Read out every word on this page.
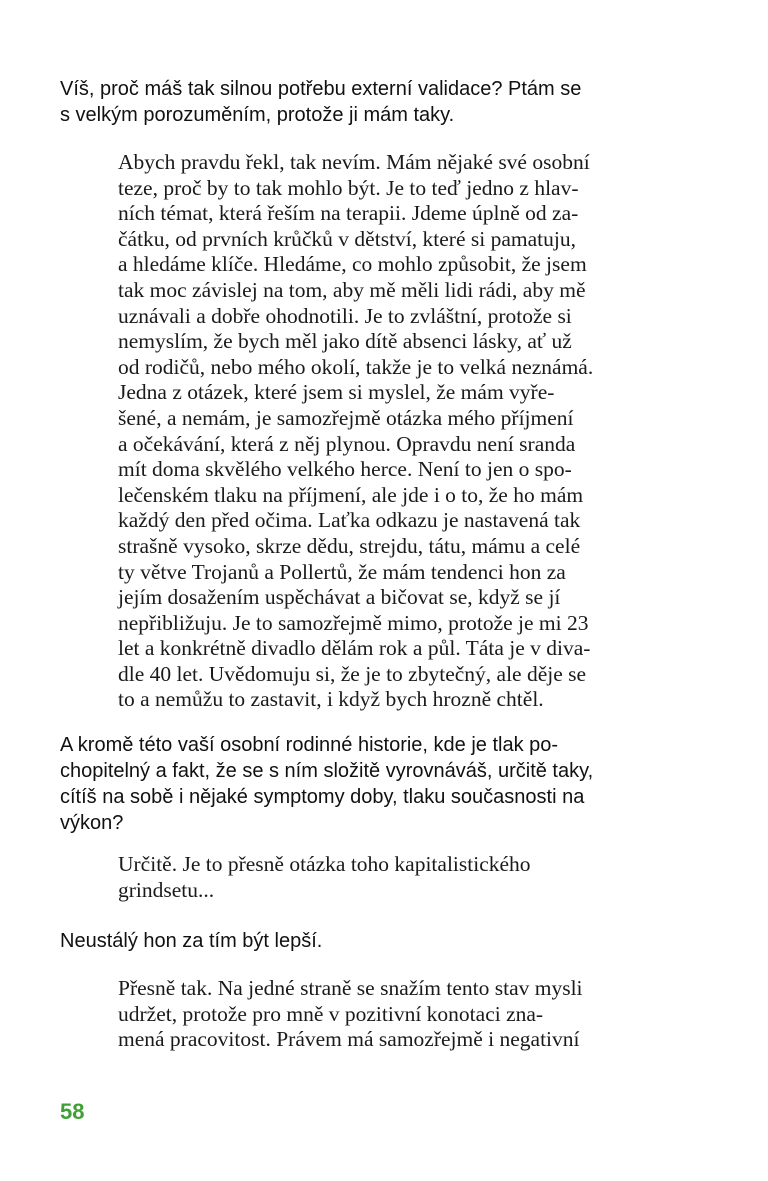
Víš, proč máš tak silnou potřebu externí validace? Ptám se
s velkým porozuměním, protože ji mám taky.

Abych pravdu řekl, tak nevím. Mám nějaké své osobní
teze, proč by to tak mohlo být. Je to teď jedno z hlav-
ních témat, která řeším na terapii. Jdeme úplně od za-
čátku, od prvních krůčků v dětství, které si pamatuju,
a hledáme klíče. Hledáme, co mohlo způsobit, že jsem
tak moc závislej na tom, aby mě měli lidi rádi, aby mě
uznávali a dobře ohodnotili. Je to zvláštní, protože si
nemyslím, že bych měl jako dítě absenci lásky, ať už
od rodičů, nebo mého okolí, takže je to velká neznámá.
Jedna z otázek, které jsem si myslel, že mám vyře-
šené, a nemám, je samozřejmě otázka mého příjmení
a očekávání, která z něj plynou. Opravdu není sranda
mít doma skvělého velkého herce. Není to jen o spo-
lečenském tlaku na příjmení, ale jde i o to, že ho mám
každý den před očima. Laťka odkazu je nastavená tak
strašně vysoko, skrze dědu, strejdu, tátu, mámu a celé
ty větve Trojanů a Pollertů, že mám tendenci hon za
jejím dosažením uspěchávat a bičovat se, když se jí
nepřibližuju. Je to samozřejmě mimo, protože je mi 23
let a konkrétně divadlo dělám rok a půl. Táta je v diva-
dle 40 let. Uvědomuju si, že je to zbytečný, ale děje se
to a nemůžu to zastavit, i když bych hrozně chtěl.

A kromě této vaší osobní rodinné historie, kde je tlak po-
chopitelný a fakt, že se s ním složitě vyrovnáváš, určitě taky,
cítíš na sobě i nějaké symptomy doby, tlaku současnosti na
výkon?

Určitě. Je to přesně otázka toho kapitalistického
grindsetu...

Neustálý hon za tím být lepší.

Přesně tak. Na jedné straně se snažím tento stav mysli
udržet, protože pro mně v pozitivní konotaci zna-
mená pracovitost. Právem má samozřejmě i negativní

58
